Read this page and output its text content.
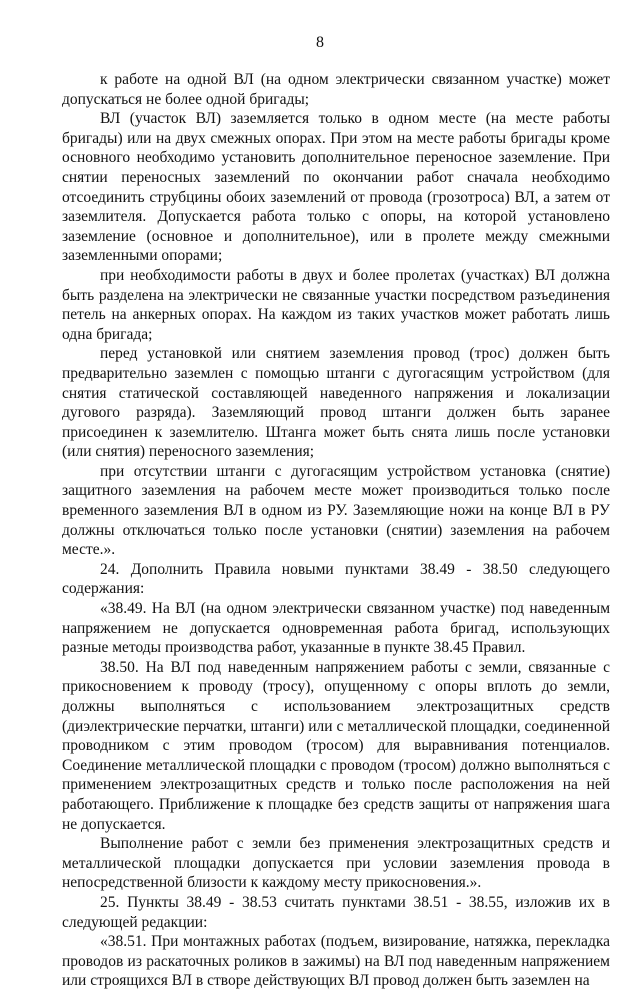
8

к работе на одной ВЛ (на одном электрически связанном участке) может допускаться не более одной бригады;

ВЛ (участок ВЛ) заземляется только в одном месте (на месте работы бригады) или на двух смежных опорах. При этом на месте работы бригады кроме основного необходимо установить дополнительное переносное заземление. При снятии переносных заземлений по окончании работ сначала необходимо отсоединить струбцины обоих заземлений от провода (грозотроса) ВЛ, а затем от заземлителя. Допускается работа только с опоры, на которой установлено заземление (основное и дополнительное), или в пролете между смежными заземленными опорами;

при необходимости работы в двух и более пролетах (участках) ВЛ должна быть разделена на электрически не связанные участки посредством разъединения петель на анкерных опорах. На каждом из таких участков может работать лишь одна бригада;

перед установкой или снятием заземления провод (трос) должен быть предварительно заземлен с помощью штанги с дугогасящим устройством (для снятия статической составляющей наведенного напряжения и локализации дугового разряда). Заземляющий провод штанги должен быть заранее присоединен к заземлителю. Штанга может быть снята лишь после установки (или снятия) переносного заземления;

при отсутствии штанги с дугогасящим устройством установка (снятие) защитного заземления на рабочем месте может производиться только после временного заземления ВЛ в одном из РУ. Заземляющие ножи на конце ВЛ в РУ должны отключаться только после установки (снятии) заземления на рабочем месте.».

24. Дополнить Правила новыми пунктами 38.49 - 38.50 следующего содержания:

«38.49. На ВЛ (на одном электрически связанном участке) под наведенным напряжением не допускается одновременная работа бригад, использующих разные методы производства работ, указанные в пункте 38.45 Правил.

38.50. На ВЛ под наведенным напряжением работы с земли, связанные с прикосновением к проводу (тросу), опущенному с опоры вплоть до земли, должны выполняться с использованием электрозащитных средств (диэлектрические перчатки, штанги) или с металлической площадки, соединенной проводником с этим проводом (тросом) для выравнивания потенциалов. Соединение металлической площадки с проводом (тросом) должно выполняться с применением электрозащитных средств и только после расположения на ней работающего. Приближение к площадке без средств защиты от напряжения шага не допускается.

Выполнение работ с земли без применения электрозащитных средств и металлической площадки допускается при условии заземления провода в непосредственной близости к каждому месту прикосновения.».

25. Пункты 38.49 - 38.53 считать пунктами 38.51 - 38.55, изложив их в следующей редакции:

«38.51. При монтажных работах (подъем, визирование, натяжка, перекладка проводов из раскаточных роликов в зажимы) на ВЛ под наведенным напряжением или строящихся ВЛ в створе действующих ВЛ провод должен быть заземлен на
